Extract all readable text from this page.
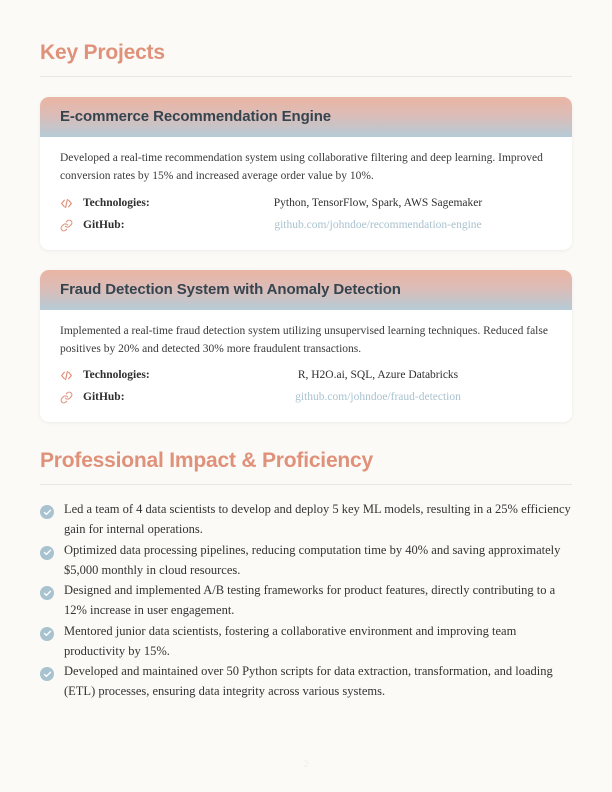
Key Projects
E-commerce Recommendation Engine

Developed a real-time recommendation system using collaborative filtering and deep learning. Improved conversion rates by 15% and increased average order value by 10%.

Technologies:	Python, TensorFlow, Spark, AWS Sagemaker
GitHub:	github.com/johndoe/recommendation-engine
Fraud Detection System with Anomaly Detection

Implemented a real-time fraud detection system utilizing unsupervised learning techniques. Reduced false positives by 20% and detected 30% more fraudulent transactions.

Technologies:	R, H2O.ai, SQL, Azure Databricks
GitHub:	github.com/johndoe/fraud-detection
Professional Impact & Proficiency
Led a team of 4 data scientists to develop and deploy 5 key ML models, resulting in a 25% efficiency gain for internal operations.
Optimized data processing pipelines, reducing computation time by 40% and saving approximately $5,000 monthly in cloud resources.
Designed and implemented A/B testing frameworks for product features, directly contributing to a 12% increase in user engagement.
Mentored junior data scientists, fostering a collaborative environment and improving team productivity by 15%.
Developed and maintained over 50 Python scripts for data extraction, transformation, and loading (ETL) processes, ensuring data integrity across various systems.
2
